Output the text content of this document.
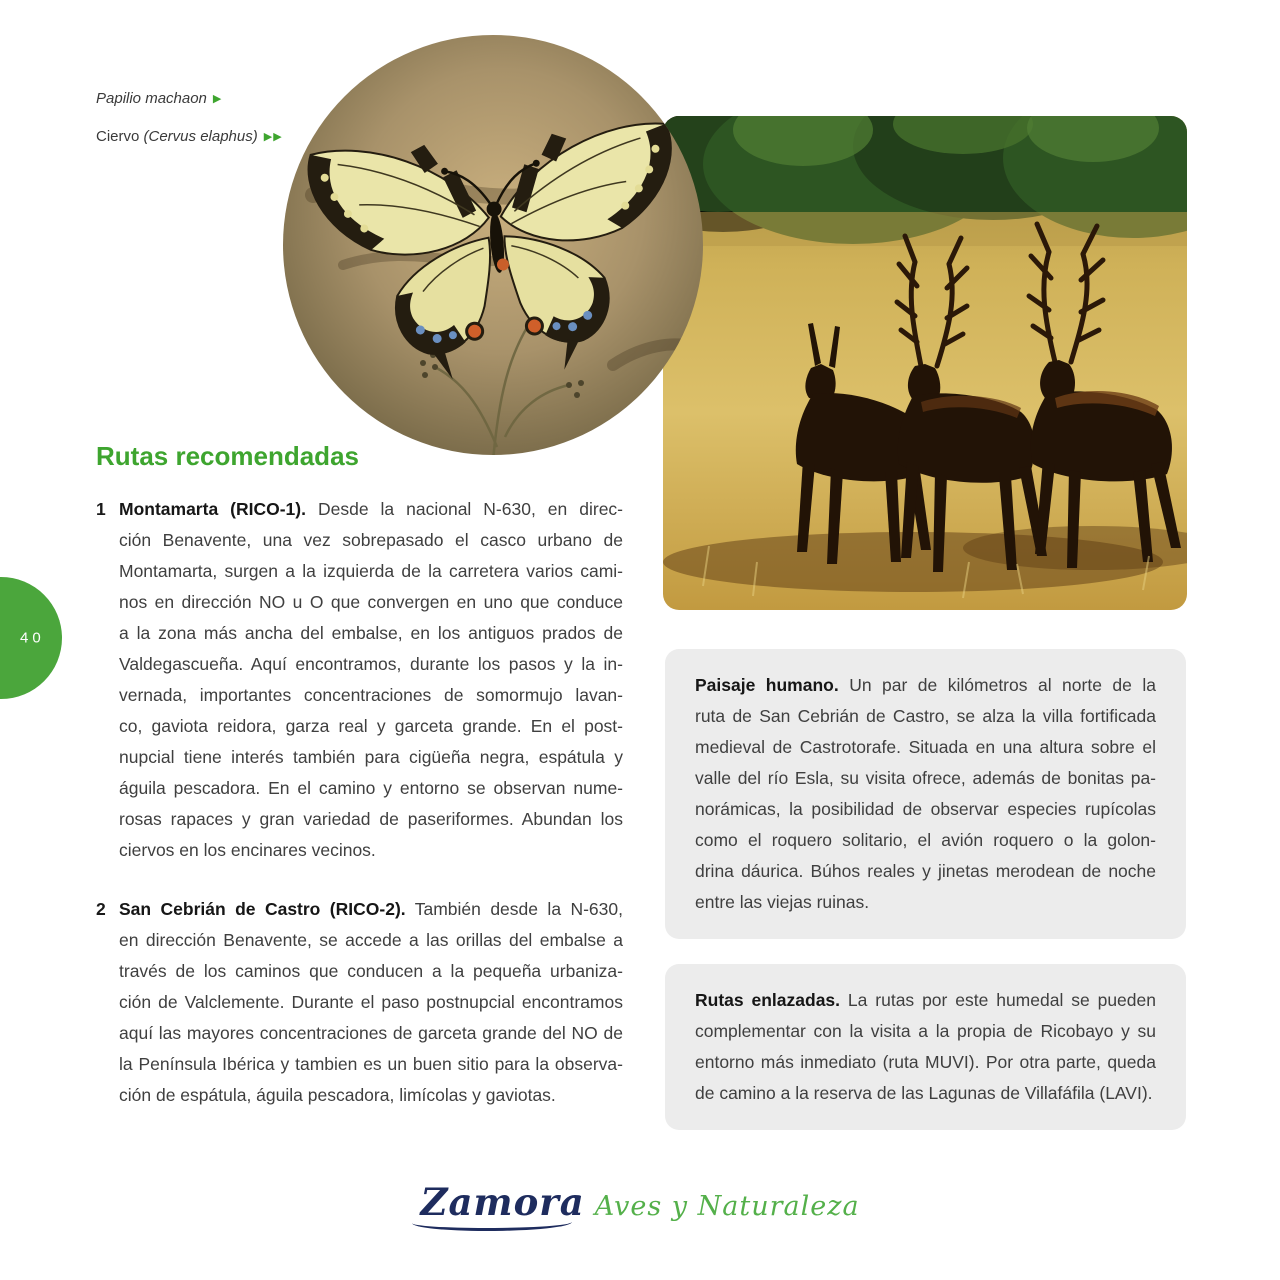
Papilio machaon ▶
Ciervo (Cervus elaphus) ▶▶
Rutas recomendadas
1 Montamarta (RICO-1). Desde la nacional N-630, en direc-
ción Benavente, una vez sobrepasado el casco urbano de
Montamarta, surgen a la izquierda de la carretera varios cami-
nos en dirección NO u O que convergen en uno que conduce
a la zona más ancha del embalse, en los antiguos prados de
Valdegascueña. Aquí encontramos, durante los pasos y la in-
vernada, importantes concentraciones de somormujo lavan-
co, gaviota reidora, garza real y garceta grande. En el post-
nupcial tiene interés también para cigüeña negra, espátula y
águila pescadora. En el camino y entorno se observan nume-
rosas rapaces y gran variedad de paseriformes. Abundan los
ciervos en los encinares vecinos.
2 San Cebrián de Castro (RICO-2). También desde la N-630,
en dirección Benavente, se accede a las orillas del embalse a
través de los caminos que conducen a la pequeña urbaniza-
ción de Valclemente. Durante el paso postnupcial encontramos
aquí las mayores concentraciones de garceta grande del NO de
la Península Ibérica y tambien es un buen sitio para la observa-
ción de espátula, águila pescadora, limícolas y gaviotas.
Paisaje humano. Un par de kilómetros al norte de la
ruta de San Cebrián de Castro, se alza la villa fortificada
medieval de Castrotorafe. Situada en una altura sobre el
valle del río Esla, su visita ofrece, además de bonitas pa-
norámicas, la posibilidad de observar especies rupícolas
como el roquero solitario, el avión roquero o la golon-
drina dáurica. Búhos reales y jinetas merodean de noche
entre las viejas ruinas.
Rutas enlazadas. La rutas por este humedal se pueden
complementar con la visita a la propia de Ricobayo y su
entorno más inmediato (ruta MUVI). Por otra parte, queda
de camino a la reserva de las Lagunas de Villafáfila (LAVI).
40
Zamora Aves y Naturaleza
